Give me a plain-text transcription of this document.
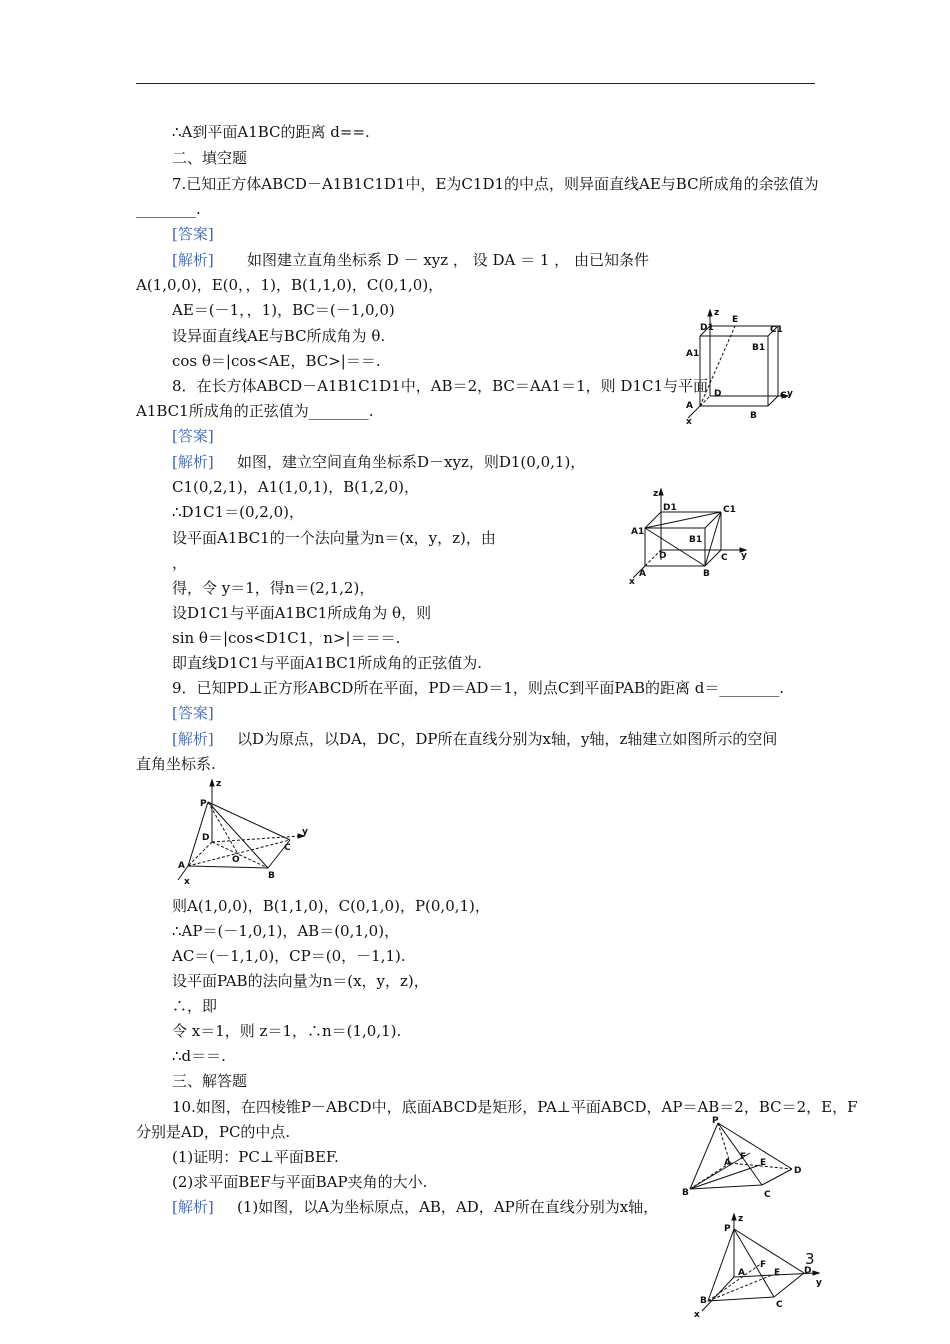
∴A到平面A1BC的距离 d==.
二、填空题
7.已知正方体ABCD－A1B1C1D1中，E为C1D1的中点，则异面直线AE与BC所成角的余弦值为
________.
[答案]
[解析] 　如图建立直角坐标系 D － xyz ， 设 DA ＝ 1 ， 由已知条件
A(1,0,0)，E(0，，1)，B(1,1,0)，C(0,1,0)，
AE＝(－1，，1)，BC＝(－1,0,0)
设异面直线AE与BC所成角为 θ.
cos θ＝|cos<AE，BC>|＝＝.
8．在长方体ABCD－A1B1C1D1中，AB＝2，BC＝AA1＝1，则 D1C1与平面
A1BC1所成角的正弦值为________.
[答案]
[解析] 　如图，建立空间直角坐标系D－xyz，则D1(0,0,1)，
C1(0,2,1)，A1(1,0,1)，B(1,2,0)，
∴D1C1＝(0,2,0)，
设平面A1BC1的一个法向量为n＝(x，y，z)，由
，
得，令 y＝1，得n＝(2,1,2)，
设D1C1与平面A1BC1所成角为 θ，则
sin θ＝|cos<D1C1，n>|＝＝＝.
即直线D1C1与平面A1BC1所成角的正弦值为.
9．已知PD⊥正方形ABCD所在平面，PD＝AD＝1，则点C到平面PAB的距离 d＝________.
[答案]
[解析] 　以D为原点，以DA，DC，DP所在直线分别为x轴，y轴，z轴建立如图所示的空间
直角坐标系.
则A(1,0,0)，B(1,1,0)，C(0,1,0)，P(0,0,1)，
∴AP＝(－1,0,1)，AB＝(0,1,0)，
AC＝(－1,1,0)，CP＝(0，－1,1).
设平面PAB的法向量为n＝(x，y，z)，
∴，即
令 x＝1，则 z＝1，∴n＝(1,0,1).
∴d＝＝.
三、解答题
10.如图，在四棱锥P－ABCD中，底面ABCD是矩形，PA⊥平面ABCD，AP＝AB＝2，BC＝2，E，F
分别是AD，PC的中点.
(1)证明：PC⊥平面BEF.
(2)求平面BEF与平面BAP夹角的大小.
[解析] 　(1)如图，以A为坐标原点，AB，AD，AP所在直线分别为x轴，
z
D1
E
C1
A1
B1
D	C y
A
B
x
z
D1	C1
A1
B1
D	C y
A	B
x
z
P
D
y
C
O
A
B
x
P
A
F
E
D
B	C
z
P
A
F
E	D
y
B	C
x
3
